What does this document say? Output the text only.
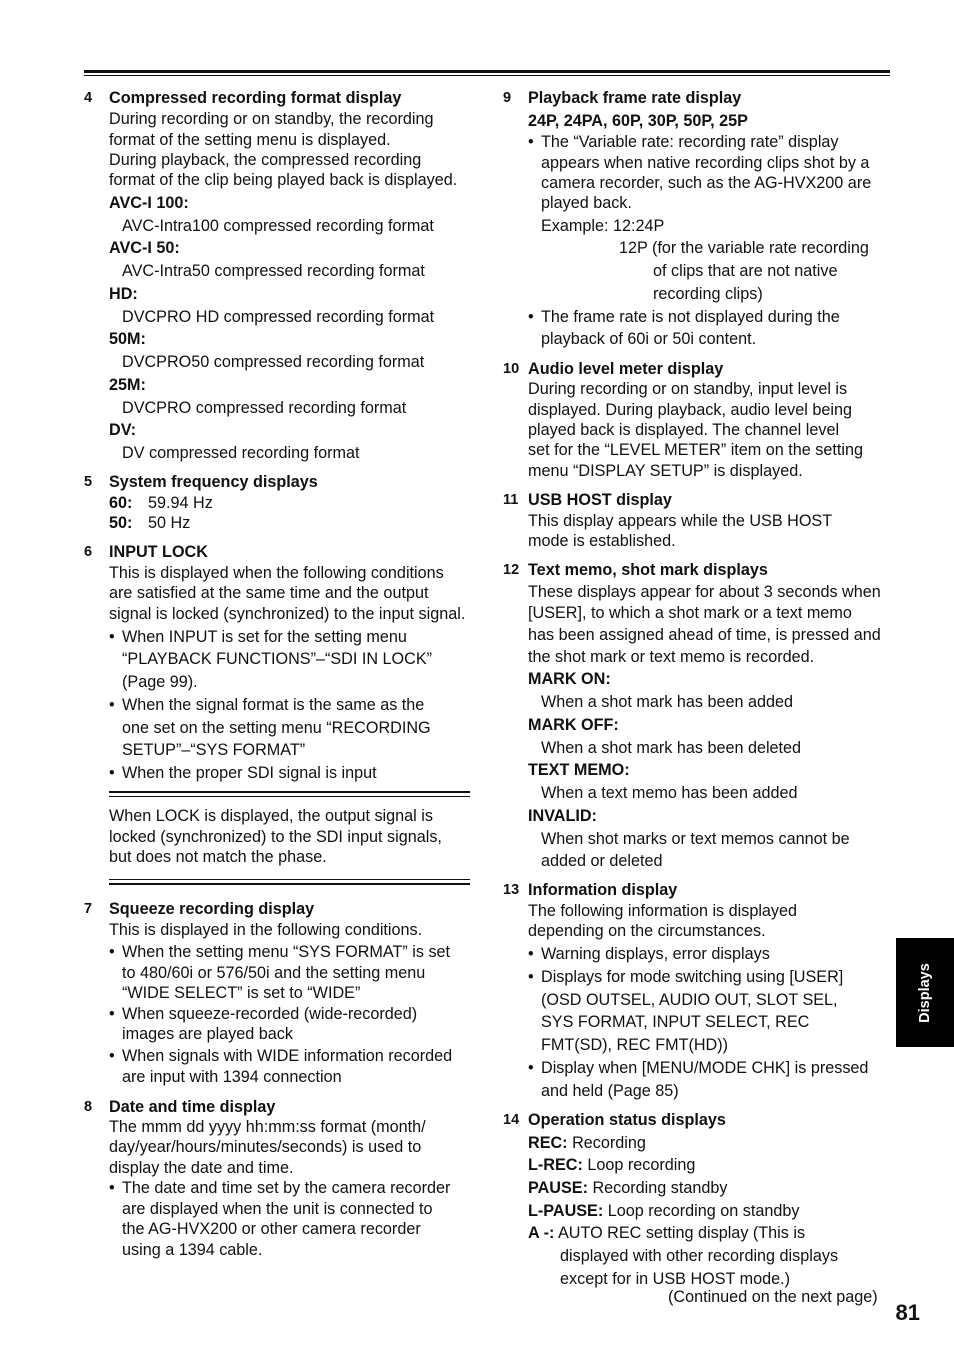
4 Compressed recording format display
During recording or on standby, the recording
format of the setting menu is displayed.
During playback, the compressed recording
format of the clip being played back is displayed.
AVC-I 100:
AVC-Intra100 compressed recording format
AVC-I 50:
AVC-Intra50 compressed recording format
HD:
DVCPRO HD compressed recording format
50M:
DVCPRO50 compressed recording format
25M:
DVCPRO compressed recording format
DV:
DV compressed recording format
5 System frequency displays
60: 59.94 Hz
50: 50 Hz
6 INPUT LOCK
This is displayed when the following conditions
are satisfied at the same time and the output
signal is locked (synchronized) to the input signal.
• When INPUT is set for the setting menu
“PLAYBACK FUNCTIONS”–“SDI IN LOCK”
(Page 99).
• When the signal format is the same as the
one set on the setting menu “RECORDING
SETUP”–“SYS FORMAT”
• When the proper SDI signal is input
When LOCK is displayed, the output signal is
locked (synchronized) to the SDI input signals,
but does not match the phase.
7 Squeeze recording display
This is displayed in the following conditions.
• When the setting menu “SYS FORMAT” is set
to 480/60i or 576/50i and the setting menu
“WIDE SELECT” is set to “WIDE”
• When squeeze-recorded (wide-recorded)
images are played back
• When signals with WIDE information recorded
are input with 1394 connection
8 Date and time display
The mmm dd yyyy hh:mm:ss format (month/
day/year/hours/minutes/seconds) is used to
display the date and time.
• The date and time set by the camera recorder
are displayed when the unit is connected to
the AG-HVX200 or other camera recorder
using a 1394 cable.
9 Playback frame rate display
24P, 24PA, 60P, 30P, 50P, 25P
• The “Variable rate: recording rate” display
appears when native recording clips shot by a
camera recorder, such as the AG-HVX200 are
played back.
Example: 12:24P
12P (for the variable rate recording
of clips that are not native
recording clips)
• The frame rate is not displayed during the
playback of 60i or 50i content.
10 Audio level meter display
During recording or on standby, input level is
displayed. During playback, audio level being
played back is displayed. The channel level
set for the “LEVEL METER” item on the setting
menu “DISPLAY SETUP” is displayed.
11 USB HOST display
This display appears while the USB HOST
mode is established.
12 Text memo, shot mark displays
These displays appear for about 3 seconds when
[USER], to which a shot mark or a text memo
has been assigned ahead of time, is pressed and
the shot mark or text memo is recorded.
MARK ON:
When a shot mark has been added
MARK OFF:
When a shot mark has been deleted
TEXT MEMO:
When a text memo has been added
INVALID:
When shot marks or text memos cannot be
added or deleted
13 Information display
The following information is displayed
depending on the circumstances.
• Warning displays, error displays
• Displays for mode switching using [USER]
(OSD OUTSEL, AUDIO OUT, SLOT SEL,
SYS FORMAT, INPUT SELECT, REC
FMT(SD), REC FMT(HD))
• Display when [MENU/MODE CHK] is pressed
and held (Page 85)
14 Operation status displays
REC: Recording
L-REC: Loop recording
PAUSE: Recording standby
L-PAUSE: Loop recording on standby
A -: AUTO REC setting display (This is
displayed with other recording displays
except for in USB HOST mode.)
(Continued on the next page)
81
Displays
